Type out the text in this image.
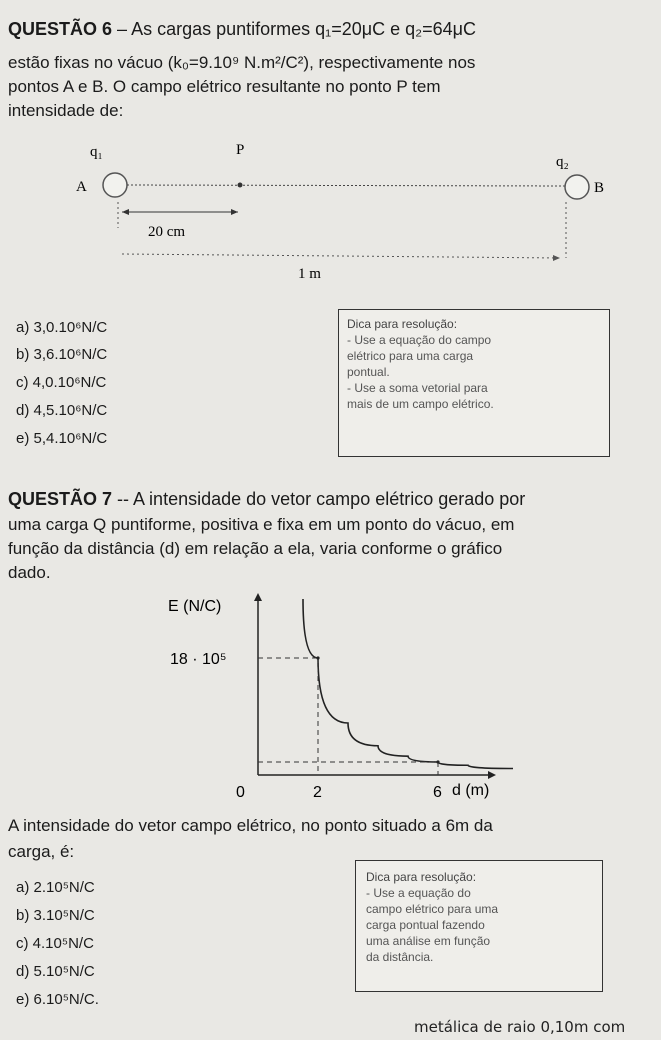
QUESTÃO 6 – As cargas puntiformes q₁=20μC e q₂=64μC
estão fixas no vácuo (k₀=9.10⁹ N.m²/C²), respectivamente nos
pontos A e B. O campo elétrico resultante no ponto P tem
intensidade de:
q₁	P
q₂
A	B
20 cm
1 m
a) 3,0.10⁶N/C
b) 3,6.10⁶N/C
c) 4,0.10⁶N/C
d) 4,5.10⁶N/C
e) 5,4.10⁶N/C
Dica para resolução:
- Use a equação do campo
elétrico para uma carga
pontual.
- Use a soma vetorial para
mais de um campo elétrico.
QUESTÃO 7 -- A intensidade do vetor campo elétrico gerado por
uma carga Q puntiforme, positiva e fixa em um ponto do vácuo, em
função da distância (d) em relação a ela, varia conforme o gráfico
dado.
E (N/C)
d (m)
0	2	6
18 · 10⁵
A intensidade do vetor campo elétrico, no ponto situado a 6m da
carga, é:
a) 2.10⁵N/C
b) 3.10⁵N/C
c) 4.10⁵N/C
d) 5.10⁵N/C
e) 6.10⁵N/C.
Dica para resolução:
- Use a equação do
campo elétrico para uma
carga pontual fazendo
uma análise em função
da distância.
metálica de raio 0,10m com
